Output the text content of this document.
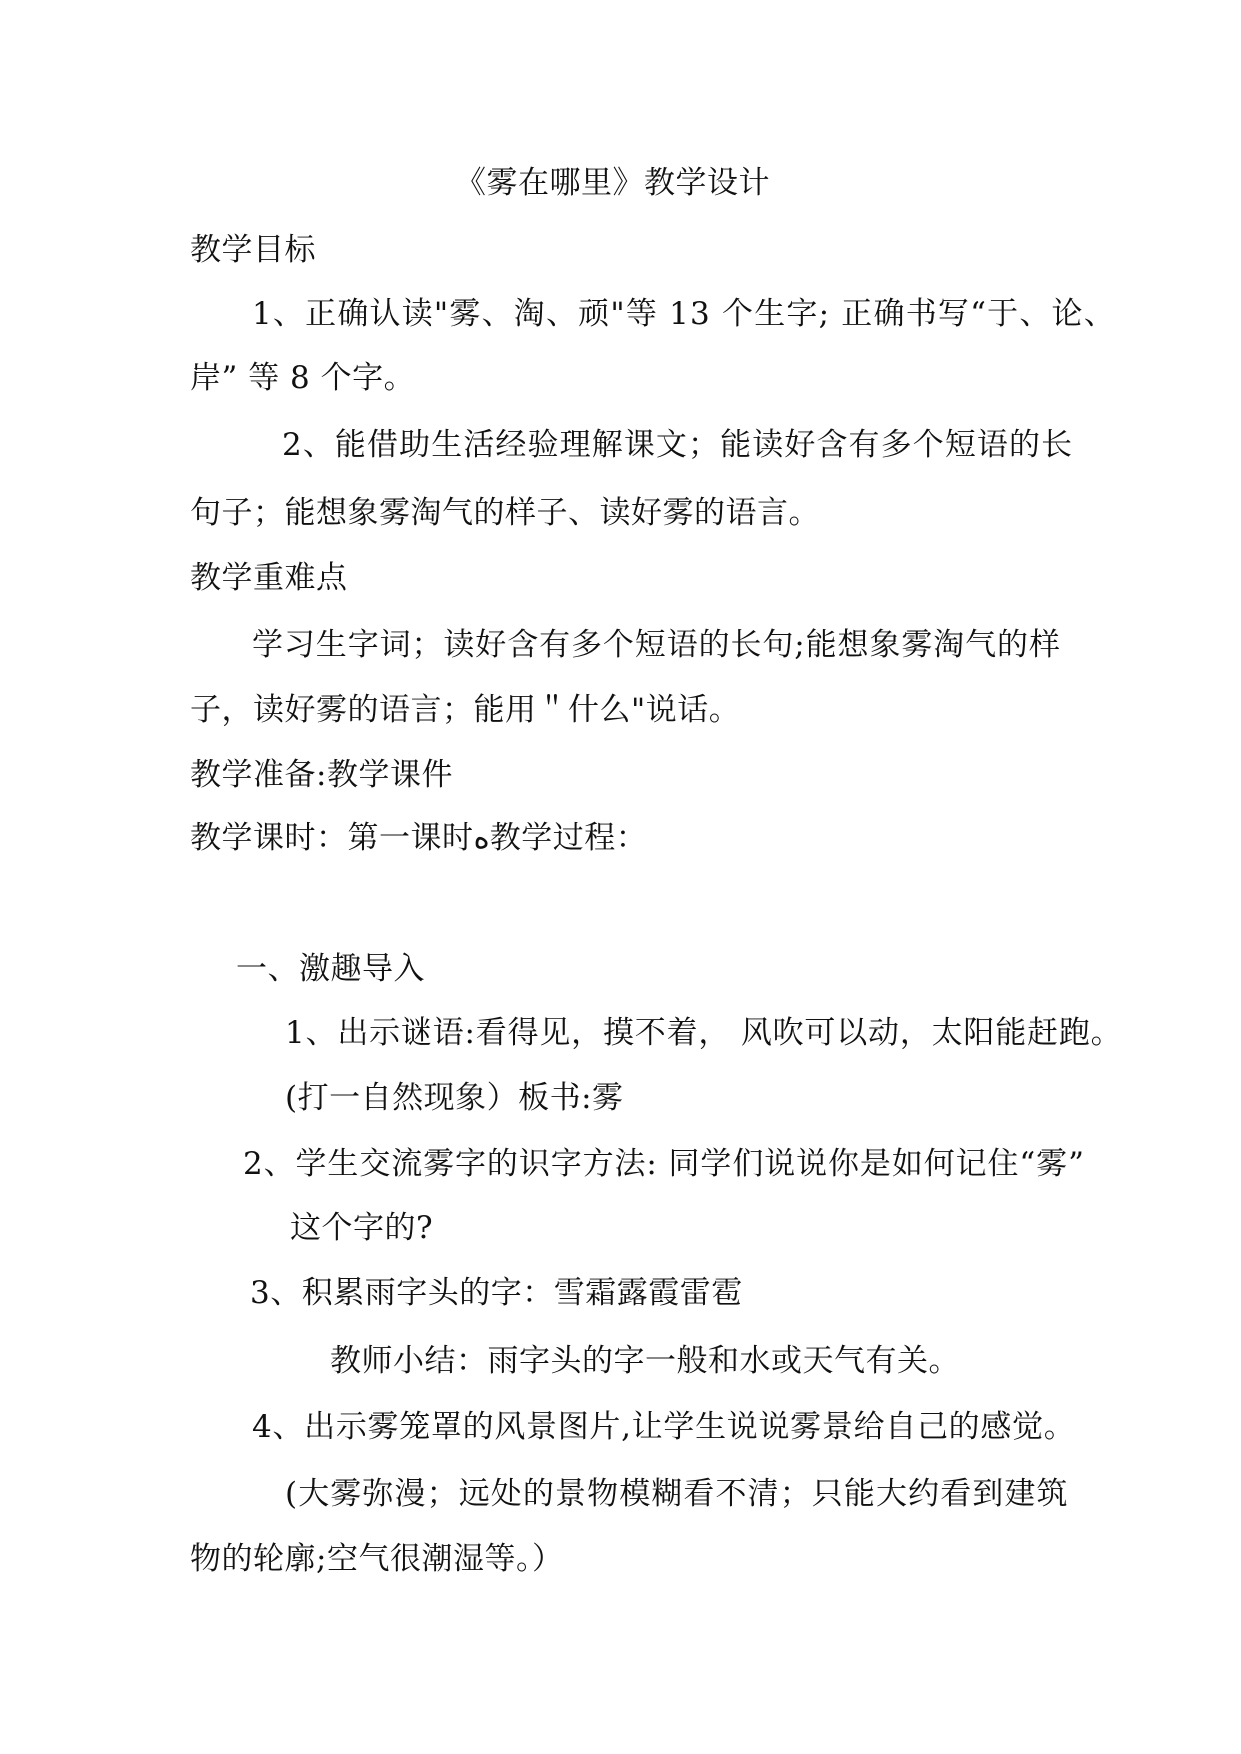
《雾在哪里》教学设计
教学目标
1、正确认读"雾、淘、顽"等 13 个生字; 正确书写“于、论、
岸” 等 8 个字。
2、能借助生活经验理解课文；能读好含有多个短语的长
句子；能想象雾淘气的样子、读好雾的语言。
教学重难点
学习生字词；读好含有多个短语的长句;能想象雾淘气的样
子，读好雾的语言；能用＂什么"说话。
教学准备:教学课件
教学课时：第一课时ه教学过程：
一、激趣导入
1、出示谜语:看得见，摸不着， 风吹可以动，太阳能赶跑。
(打一自然现象）板书:雾
2、学生交流雾字的识字方法: 同学们说说你是如何记住“雾”
这个字的?
3、积累雨字头的字：雪霜露霞雷雹
教师小结：雨字头的字一般和水或天气有关。
4、出示雾笼罩的风景图片,让学生说说雾景给自己的感觉。
(大雾弥漫；远处的景物模糊看不清；只能大约看到建筑
物的轮廓;空气很潮湿等。）
